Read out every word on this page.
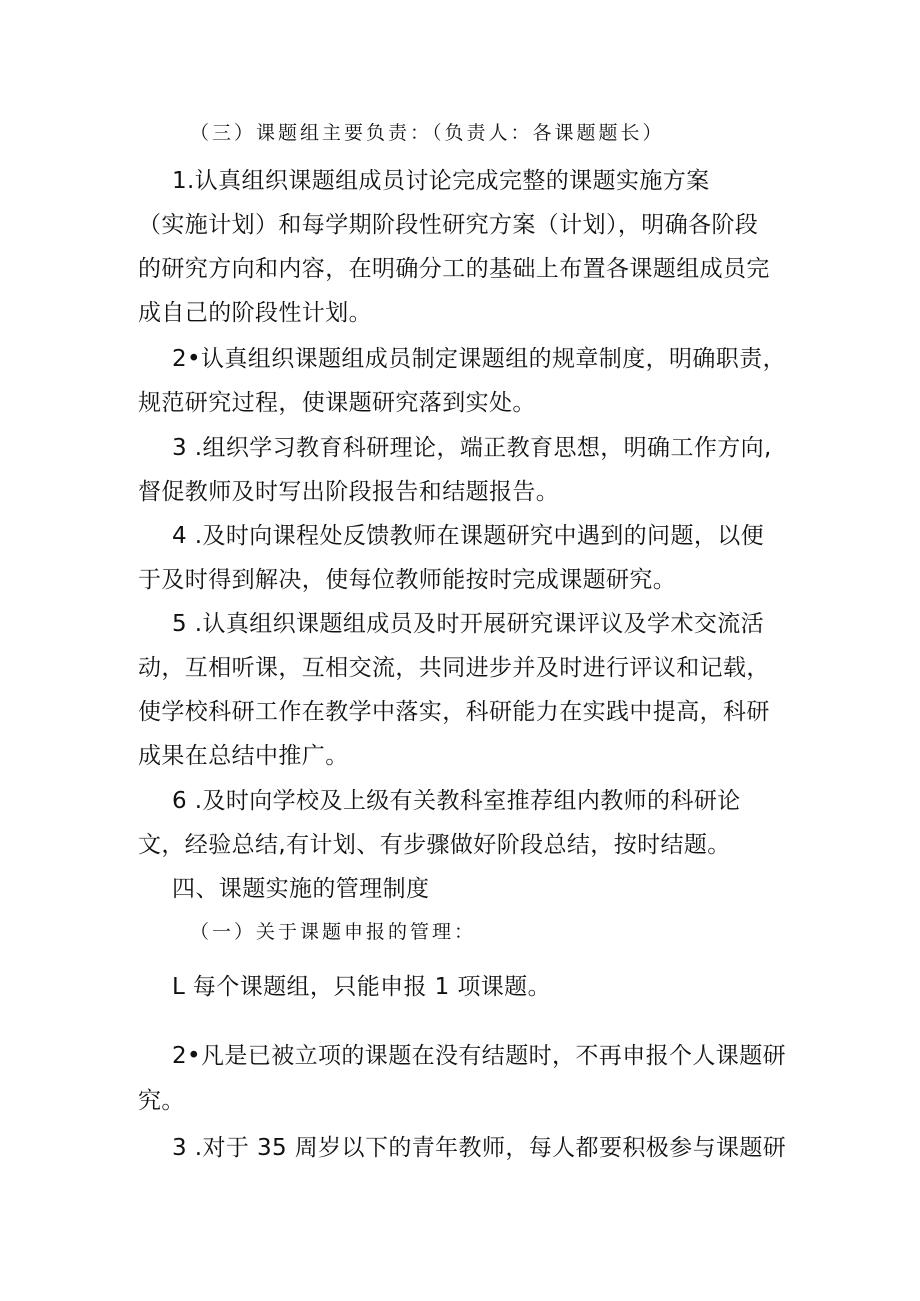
（三）课题组主要负责：（负责人：各课题题长）
1.认真组织课题组成员讨论完成完整的课题实施方案
（实施计划）和每学期阶段性研究方案（计划），明确各阶段
的研究方向和内容，在明确分工的基础上布置各课题组成员完
成自己的阶段性计划。
2•认真组织课题组成员制定课题组的规章制度，明确职责，
规范研究过程，使课题研究落到实处。
3 .组织学习教育科研理论，端正教育思想，明确工作方向,
督促教师及时写出阶段报告和结题报告。
4 .及时向课程处反馈教师在课题研究中遇到的问题，以便
于及时得到解决，使每位教师能按时完成课题研究。
5 .认真组织课题组成员及时开展研究课评议及学术交流活
动，互相听课，互相交流，共同进步并及时进行评议和记载，
使学校科研工作在教学中落实，科研能力在实践中提高，科研
成果在总结中推广。
6 .及时向学校及上级有关教科室推荐组内教师的科研论
文，经验总结,有计划、有步骤做好阶段总结，按时结题。
四、课题实施的管理制度
（一）关于课题申报的管理：
L 每个课题组，只能申报 1 项课题。
2•凡是已被立项的课题在没有结题时，不再申报个人课题研
究。
3 .对于 35 周岁以下的青年教师，每人都要积极参与课题研
